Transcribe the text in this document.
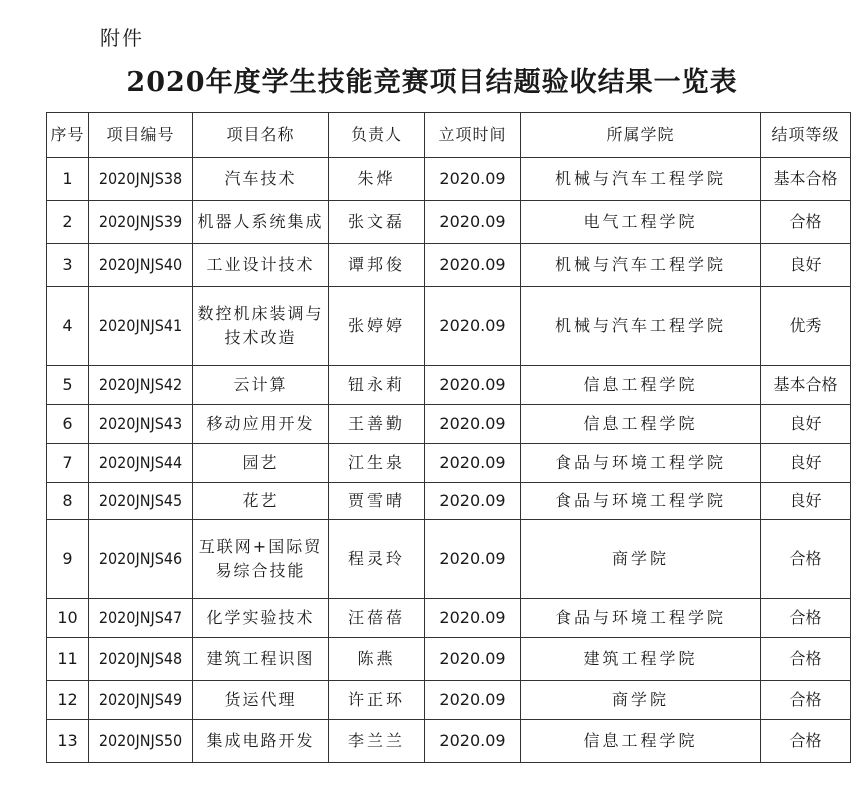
附件
2020年度学生技能竞赛项目结题验收结果一览表
序号	项目编号	项目名称	负责人	立项时间	所属学院	结项等级
1	2020JNJS38	汽车技术	朱烨	2020.09	机械与汽车工程学院	基本合格
2	2020JNJS39	机器人系统集成	张文磊	2020.09	电气工程学院	合格
3	2020JNJS40	工业设计技术	谭邦俊	2020.09	机械与汽车工程学院	良好
4	2020JNJS41	数控机床装调与技术改造	张婷婷	2020.09	机械与汽车工程学院	优秀
5	2020JNJS42	云计算	钮永莉	2020.09	信息工程学院	基本合格
6	2020JNJS43	移动应用开发	王善勤	2020.09	信息工程学院	良好
7	2020JNJS44	园艺	江生泉	2020.09	食品与环境工程学院	良好
8	2020JNJS45	花艺	贾雪晴	2020.09	食品与环境工程学院	良好
9	2020JNJS46	互联网+国际贸易综合技能	程灵玲	2020.09	商学院	合格
10	2020JNJS47	化学实验技术	汪蓓蓓	2020.09	食品与环境工程学院	合格
11	2020JNJS48	建筑工程识图	陈燕	2020.09	建筑工程学院	合格
12	2020JNJS49	货运代理	许正环	2020.09	商学院	合格
13	2020JNJS50	集成电路开发	李兰兰	2020.09	信息工程学院	合格
